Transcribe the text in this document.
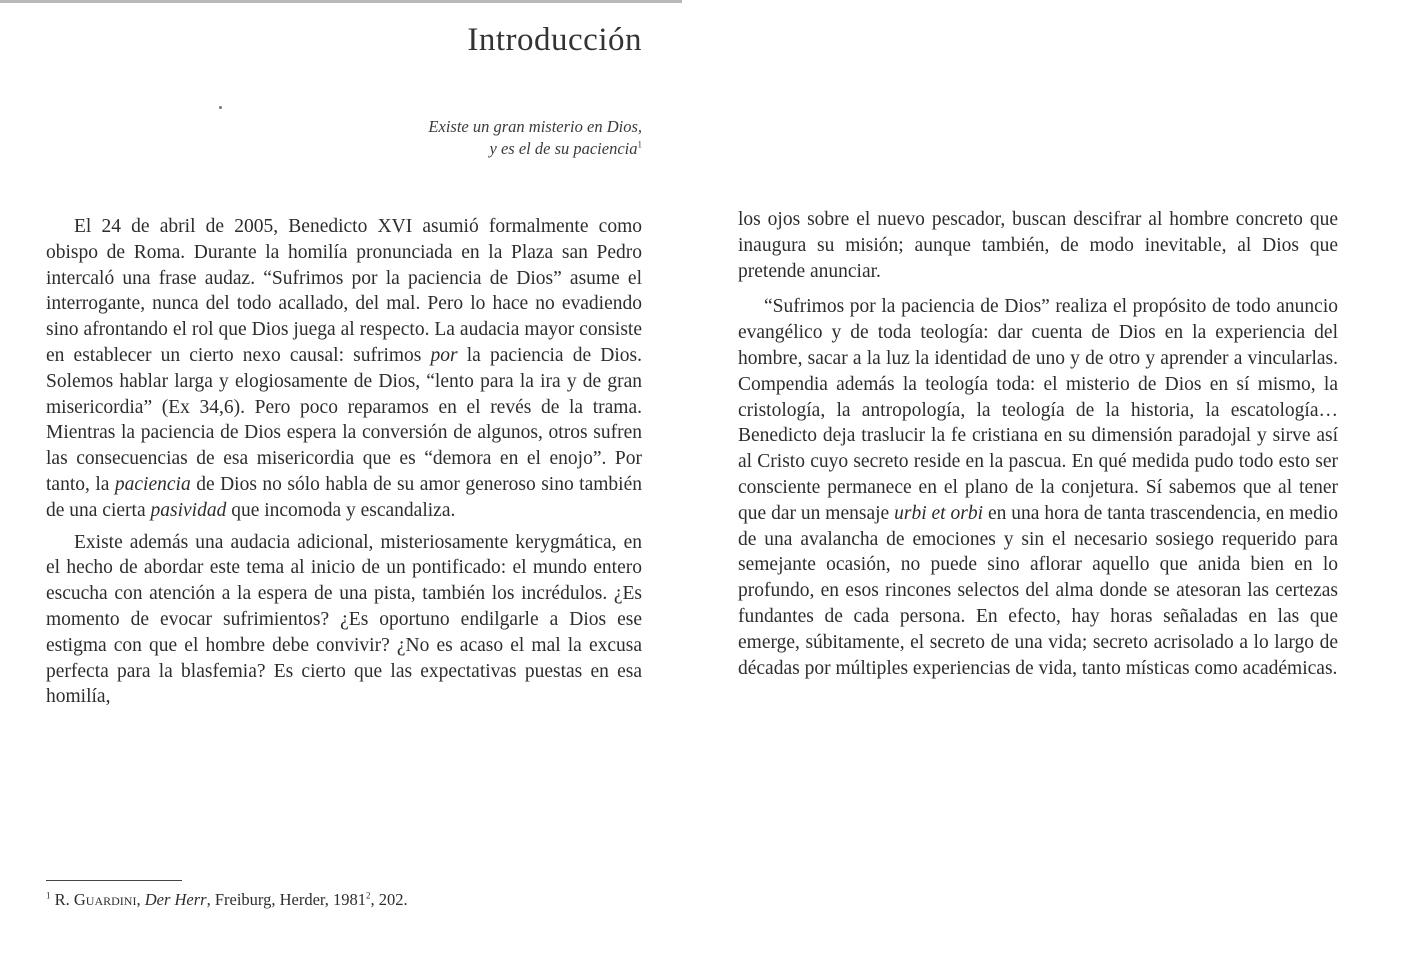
Introducción
Existe un gran misterio en Dios,
y es el de su paciencia$^1$

El 24 de abril de 2005, Benedicto XVI asumió formalmente como obispo de Roma. Durante la homilía pronunciada en la Plaza san Pedro intercaló una frase audaz. “Sufrimos por la paciencia de Dios” asume el interrogante, nunca del todo acallado, del mal. Pero lo hace no evadiendo sino afrontando el rol que Dios juega al respecto. La audacia mayor consiste en establecer un cierto nexo causal: sufrimos por la paciencia de Dios. Solemos hablar larga y elogiosamente de Dios, “lento para la ira y de gran misericordia” (Ex 34,6). Pero poco reparamos en el revés de la trama. Mientras la paciencia de Dios espera la conversión de algunos, otros sufren las consecuencias de esa misericordia que es “demora en el enojo”. Por tanto, la paciencia de Dios no sólo habla de su amor generoso sino también de una cierta pasividad que incomoda y escandaliza.

Existe además una audacia adicional, misteriosamente kerygmática, en el hecho de abordar este tema al inicio de un pontificado: el mundo entero escucha con atención a la espera de una pista, también los incrédulos. ¿Es momento de evocar sufrimientos? ¿Es oportuno endilgarle a Dios ese estigma con que el hombre debe convivir? ¿No es acaso el mal la excusa perfecta para la blasfemia? Es cierto que las expectativas puestas en esa homilía,

$^1$ R. Guardini, Der Herr, Freiburg, Herder, 1981$^2$, 202.

los ojos sobre el nuevo pescador, buscan descifrar al hombre concreto que inaugura su misión; aunque también, de modo inevitable, al Dios que pretende anunciar.

“Sufrimos por la paciencia de Dios” realiza el propósito de todo anuncio evangélico y de toda teología: dar cuenta de Dios en la experiencia del hombre, sacar a la luz la identidad de uno y de otro y aprender a vincularlas. Compendia además la teología toda: el misterio de Dios en sí mismo, la cristología, la antropología, la teología de la historia, la escatología… Benedicto deja traslucir la fe cristiana en su dimensión paradojal y sirve así al Cristo cuyo secreto reside en la pascua. En qué medida pudo todo esto ser consciente permanece en el plano de la conjetura. Sí sabemos que al tener que dar un mensaje urbi et orbi en una hora de tanta trascendencia, en medio de una avalancha de emociones y sin el necesario sosiego requerido para semejante ocasión, no puede sino aflorar aquello que anida bien en lo profundo, en esos rincones selectos del alma donde se atesoran las certezas fundantes de cada persona. En efecto, hay horas señaladas en las que emerge, súbitamente, el secreto de una vida; secreto acrisolado a lo largo de décadas por múltiples experiencias de vida, tanto místicas como académicas.
